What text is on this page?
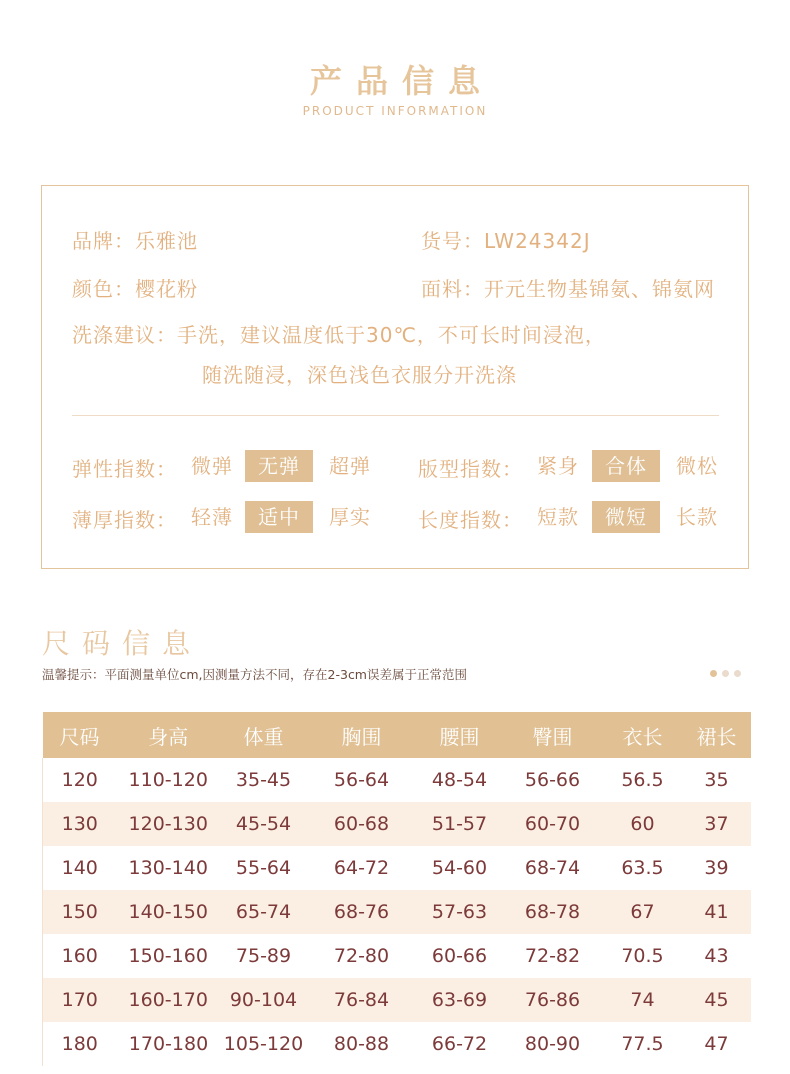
产品信息
PRODUCT INFORMATION
品牌：乐雅池	货号：LW24342J
颜色：樱花粉	面料：开元生物基锦氨、锦氨网
洗涤建议：手洗，建议温度低于30℃，不可长时间浸泡，
随洗随浸，深色浅色衣服分开洗涤
弹性指数： 微弹	无弹	超弹	版型指数： 紧身	合体	微松
薄厚指数： 轻薄	适中	厚实	长度指数： 短款	微短	长款
尺码信息
温馨提示：平面测量单位cm,因测量方法不同，存在2-3cm误差属于正常范围
尺码	身高	体重	胸围	腰围	臀围	衣长	裙长
120	110-120	35-45	56-64	48-54	56-66	56.5	35
130	120-130	45-54	60-68	51-57	60-70	60	37
140	130-140	55-64	64-72	54-60	68-74	63.5	39
150	140-150	65-74	68-76	57-63	68-78	67	41
160	150-160	75-89	72-80	60-66	72-82	70.5	43
170	160-170	90-104	76-84	63-69	76-86	74	45
180	170-180	105-120	80-88	66-72	80-90	77.5	47
